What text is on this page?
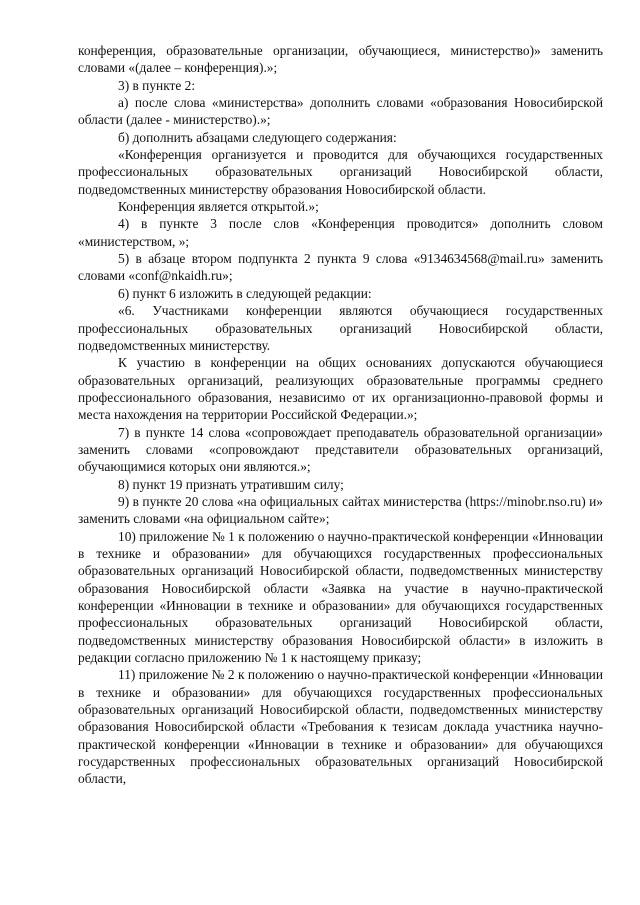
конференция, образовательные организации, обучающиеся, министерство)» заменить словами «(далее – конференция).»;

3) в пункте 2:

а) после слова «министерства» дополнить словами «образования Новосибирской области (далее - министерство).»;

б) дополнить абзацами следующего содержания:

«Конференция организуется и проводится для обучающихся государственных профессиональных образовательных организаций Новосибирской области, подведомственных министерству образования Новосибирской области.

Конференция является открытой.»;

4) в пункте 3 после слов «Конференция проводится» дополнить словом «министерством, »;

5) в абзаце втором подпункта 2 пункта 9 слова «9134634568@mail.ru» заменить словами «conf@nkaidh.ru»;

6) пункт 6 изложить в следующей редакции:

«6. Участниками конференции являются обучающиеся государственных профессиональных образовательных организаций Новосибирской области, подведомственных министерству.

К участию в конференции на общих основаниях допускаются обучающиеся образовательных организаций, реализующих образовательные программы среднего профессионального образования, независимо от их организационно-правовой формы и места нахождения на территории Российской Федерации.»;

7) в пункте 14 слова «сопровождает преподаватель образовательной организации» заменить словами «сопровождают представители образовательных организаций, обучающимися которых они являются.»;

8) пункт 19 признать утратившим силу;

9) в пункте 20 слова «на официальных сайтах министерства (https://minobr.nso.ru) и» заменить словами «на официальном сайте»;

10) приложение № 1 к положению о научно-практической конференции «Инновации в технике и образовании» для обучающихся государственных профессиональных образовательных организаций Новосибирской области, подведомственных министерству образования Новосибирской области «Заявка на участие в научно-практической конференции «Инновации в технике и образовании» для обучающихся государственных профессиональных образовательных организаций Новосибирской области, подведомственных министерству образования Новосибирской области» в изложить в редакции согласно приложению № 1 к настоящему приказу;

11) приложение № 2 к положению о научно-практической конференции «Инновации в технике и образовании» для обучающихся государственных профессиональных образовательных организаций Новосибирской области, подведомственных министерству образования Новосибирской области «Требования к тезисам доклада участника научно-практической конференции «Инновации в технике и образовании» для обучающихся государственных профессиональных образовательных организаций Новосибирской области,
